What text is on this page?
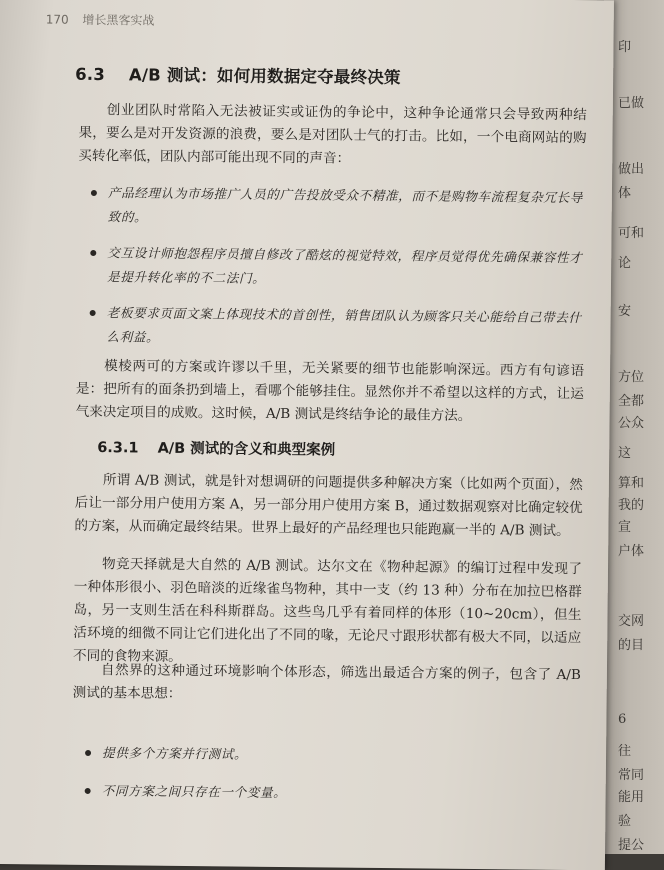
印
已做
做出
体
可和
论
安
方位
全都
公众
这
算和
我的
宣
户体
交网
的目
6
往
常同
能用
验
提公
170 增长黑客实战
6.3 A/B 测试：如何用数据定夺最终决策
创业团队时常陷入无法被证实或证伪的争论中，这种争论通常只会导致两种结果，要么是对开发资源的浪费，要么是对团队士气的打击。比如，一个电商网站的购买转化率低，团队内部可能出现不同的声音：
产品经理认为市场推广人员的广告投放受众不精准，而不是购物车流程复杂冗长导致的。
交互设计师抱怨程序员擅自修改了酷炫的视觉特效，程序员觉得优先确保兼容性才是提升转化率的不二法门。
老板要求页面文案上体现技术的首创性，销售团队认为顾客只关心能给自己带去什么利益。
模棱两可的方案或许谬以千里，无关紧要的细节也能影响深远。西方有句谚语是：把所有的面条扔到墙上，看哪个能够挂住。显然你并不希望以这样的方式，让运气来决定项目的成败。这时候，A/B 测试是终结争论的最佳方法。
6.3.1 A/B 测试的含义和典型案例
所谓 A/B 测试，就是针对想调研的问题提供多种解决方案（比如两个页面），然后让一部分用户使用方案 A，另一部分用户使用方案 B，通过数据观察对比确定较优的方案，从而确定最终结果。世界上最好的产品经理也只能跑赢一半的 A/B 测试。
物竞天择就是大自然的 A/B 测试。达尔文在《物种起源》的编订过程中发现了一种体形很小、羽色暗淡的近缘雀鸟物种，其中一支（约 13 种）分布在加拉巴格群岛，另一支则生活在科科斯群岛。这些鸟几乎有着同样的体形（10~20cm），但生活环境的细微不同让它们进化出了不同的喙，无论尺寸跟形状都有极大不同，以适应不同的食物来源。
自然界的这种通过环境影响个体形态，筛选出最适合方案的例子，包含了 A/B 测试的基本思想：
提供多个方案并行测试。
不同方案之间只存在一个变量。
